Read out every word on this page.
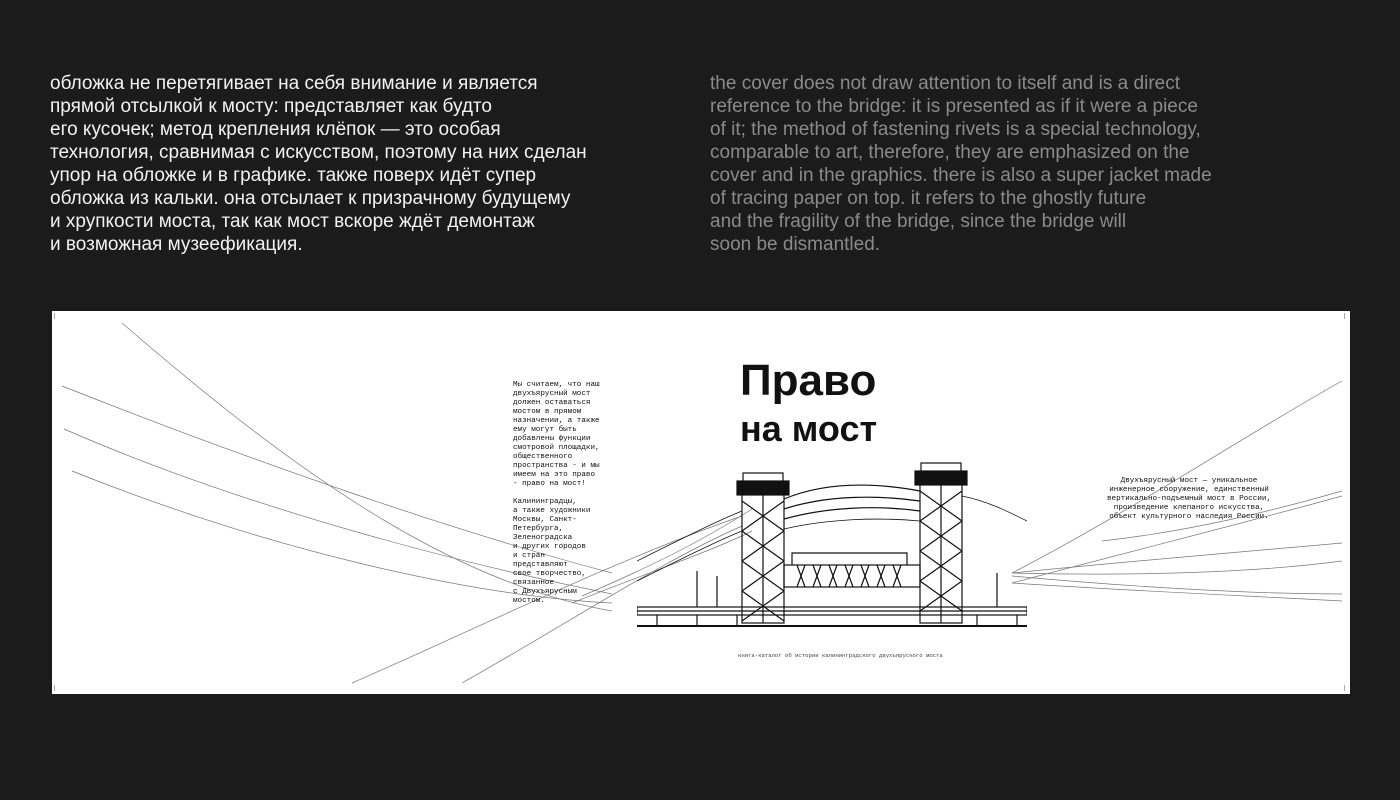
обложка не перетягивает на себя внимание и является
прямой отсылкой к мосту: представляет как будто
его кусочек; метод крепления клёпок — это особая
технология, сравнимая с искусством, поэтому на них сделан
упор на обложке и в графике. также поверх идёт супер
обложка из кальки. она отсылает к призрачному будущему
и хрупкости моста, так как мост вскоре ждёт демонтаж
и возможная музеефикация.

the cover does not draw attention to itself and is a direct
reference to the bridge: it is presented as if it were a piece
of it; the method of fastening rivets is a special technology,
comparable to art, therefore, they are emphasized on the
cover and in the graphics. there is also a super jacket made
of tracing paper on top. it refers to the ghostly future
and the fragility of the bridge, since the bridge will
soon be dismantled.

Право
на мост

Мы считаем, что наш
двухъярусный мост
должен оставаться
мостом в прямом
назначении, а также
ему могут быть
добавлены функции
смотровой площадки,
общественного
пространства - и мы
имеем на это право
- право на мост!

Калининградцы,
а также художники
Москвы, Санкт-
Петербурга,
Зеленоградска
и других городов
и стран
представляют
свое творчество,
связанное
с Двухъярусным
мостом.

Двухъярусный мост — уникальное
инженерное сооружение, единственный
вертикально-подъемный мост в России,
произведение клепаного искусства,
объект культурного наследия России.

книга-каталог об истории калининградского двухъярусного моста
